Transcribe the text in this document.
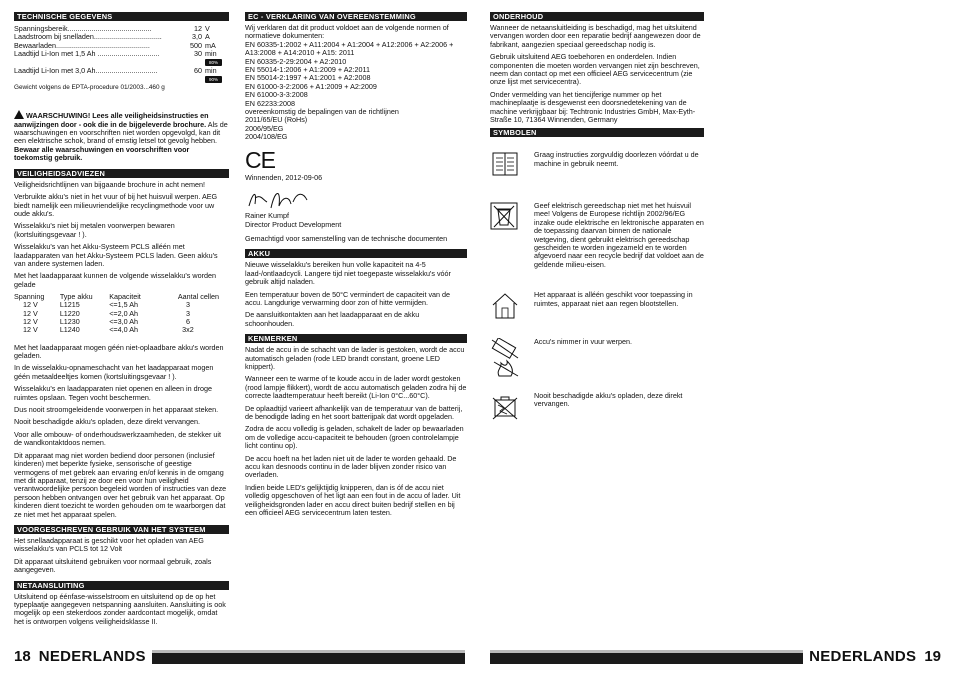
TECHNISCHE GEGEVENS
Spanningsbereik..........................................	12 V
Laadstroom bij snelladen..................................	3,0 A
Bewaarladen...............................................	500 mA
Laadtijd Li-Ion met 1,5 Ah ...............................	30 min 80%
Laadtijd Li-Ion met 3,0 Ah...............................	60 min 90%
Gewicht volgens de EPTA-procedure 01/2003...460 g
WAARSCHUWING! Lees alle veiligheidsinstructies en aanwijzingen door - ook die in de bijgeleverde brochure. Als de waarschuwingen en voorschriften niet worden opgevolgd, kan dit een elektrische schok, brand of ernstig letsel tot gevolg hebben.
Bewaar alle waarschuwingen en voorschriften voor toekomstig gebruik.
VEILIGHEIDSADVIEZEN

Veiligheidsrichtlijnen van bijgaande brochure in acht nemen!

Verbruikte akku's niet in het vuur of bij het huisvuil werpen. AEG biedt namelijk een milieuvriendelijke recyclingmethode voor uw oude akku's.

Wisselakku's niet bij metalen voorwerpen bewaren (kortsluitingsgevaar ! ).

Wisselakku's van het Akku-Systeem PCLS alléén met laadapparaten van het Akku-Systeem PCLS laden. Geen akku's van andere systemen laden.

Met het laadapparaat kunnen de volgende wisselakku's worden gelade

Spanning	Type akku	Kapaciteit	Aantal cellen
12 V	L1215	<=1,5 Ah	3
12 V	L1220	<=2,0 Ah	3
12 V	L1230	<=3,0 Ah	6
12 V	L1240	<=4,0 Ah	3x2

Met het laadapparaat mogen géén niet-oplaadbare akku's worden geladen.

In de wisselakku-opnameschacht van het laadapparaat mogen géén metaaldeeltjes komen (kortsluitingsgevaar ! ).

Wisselakku's en laadapparaten niet openen en alleen in droge ruimtes opslaan. Tegen vocht beschermen.

Dus nooit stroomgeleidende voorwerpen in het apparaat steken.

Nooit beschadigde akku's opladen, deze direkt vervangen.

Voor alle ombouw- of onderhoudswerkzaamheden, de stekker uit de wandkontaktdoos nemen.

Dit apparaat mag niet worden bediend door personen (inclusief kinderen) met beperkte fysieke, sensorische of geestige vermogens of met gebrek aan ervaring en/of kennis in de omgang met dit apparaat, tenzij ze door een voor hun veiligheid verantwoordelijke persoon begeleid worden of instructies van deze persoon hebben ontvangen over het gebruik van het apparaat. Op kinderen dient toezicht te worden gehouden om te waarborgen dat ze niet met het apparaat spelen.

VOORGESCHREVEN GEBRUIK VAN HET SYSTEEM

Het snellaadapparaat is geschikt voor het opladen van AEG wisselakku's van PCLS tot 12 Volt

Dit apparaat uitsluitend gebruiken voor normaal gebruik, zoals aangegeven.

NETAANSLUITING

Uitsluitend op éénfase-wisselstroom en uitsluitend op de op het typeplaatje aangegeven netspanning aansluiten. Aansluiting is ook mogelijk op een stekerdoos zonder aardcontact mogelijk, omdat het is ontworpen volgens veiligheidsklasse II.

EC - VERKLARING VAN OVEREENSTEMMING
Wij verklaren dat dit product voldoet aan de volgende normen of normatieve dokumenten:
EN 60335-1:2002 + A11:2004 + A1:2004 + A12:2006 + A2:2006 + A13:2008 + A14:2010 + A15: 2011
EN 60335-2-29:2004 + A2:2010
EN 55014-1:2006 + A1:2009 + A2:2011
EN 55014-2:1997 + A1:2001 + A2:2008
EN 61000-3-2:2006 + A1:2009 + A2:2009
EN 61000-3-3:2008
EN 62233:2008
overeenkomstig de bepalingen van de richtlijnen
2011/65/EU (RoHs)
2006/95/EG
2004/108/EG
CE
Winnenden, 2012-09-06
Rainer Kumpf
Director Product Development

Gemachtigd voor samenstelling van de technische documenten

AKKU

Nieuwe wisselakku's bereiken hun volle kapaciteit na 4-5 laad-/ontlaadcycli. Langere tijd niet toegepaste wisselakku's vóór gebruik altijd naladen.

Een temperatuur boven de 50°C vermindert de capaciteit van de accu. Langdurige verwarming door zon of hitte vermijden.

De aansluitkontakten aan het laadapparaat en de akku schoonhouden.

KENMERKEN

Nadat de accu in de schacht van de lader is gestoken, wordt de accu automatisch geladen (rode LED brandt constant, groene LED knippert).

Wanneer een te warme of te koude accu in de lader wordt gestoken (rood lampje flikkert), wordt de accu automatisch geladen zodra hij de correcte laadtemperatuur heeft bereikt (Li-Ion 0°C...60°C).

De oplaadtijd varieert afhankelijk van de temperatuur van de batterij, de benodigde lading en het soort batterijpak dat wordt opgeladen.

Zodra de accu volledig is geladen, schakelt de lader op bewaarladen om de volledige accu-capaciteit te behouden (groen controlelampje licht continu op).

De accu hoeft na het laden niet uit de lader te worden gehaald. De accu kan desnoods continu in de lader blijven zonder risico van overladen.

Indien beide LED's gelijktijdig knipperen, dan is óf de accu niet volledig opgeschoven of het ligt aan een fout in de accu of lader. Uit veiligheidsgronden lader en accu direct buiten bedrijf stellen en bij een officieel AEG servicecentrum laten testen.

ONDERHOUD

Wanneer de netaansluitleiding is beschadigd, mag het uitsluitend vervangen worden door een reparatie bedrijf aangewezen door de fabrikant, aangezien speciaal gereedschap nodig is.

Gebruik uitsluitend AEG toebehoren en onderdelen. Indien componenten die moeten worden vervangen niet zijn beschreven, neem dan contact op met een officieel AEG servicecentrum (zie onze lijst met servicecentra).

Onder vermelding van het tienciјferige nummer op het machineplaatje is desgewenst een doorsnedetekening van de machine verkrijgbaar bij: Techtronic Industries GmbH, Max-Eyth-Straße 10, 71364 Winnenden, Germany

SYMBOLEN
Graag instructies zorgvuldig doorlezen vóórdat u de machine in gebruik neemt.
Geef elektrisch gereedschap niet met het huisvuil mee! Volgens de Europese richtlijn 2002/96/EG inzake oude elektrische en lektronische apparaten en de toepassing daarvan binnen de nationale wetgeving, dient gebruikt elektrisch gereedschap gescheiden te worden ingezameld en te worden afgevoerd naar een recycle bedrijf dat voldoet aan de geldende milieu-eisen.
Het apparaat is alléén geschikt voor toepassing in ruimtes, apparaat niet aan regen blootstellen.
Accu's nimmer in vuur werpen.
Nooit beschadigde akku's opladen, deze direkt vervangen.
18 NEDERLANDS	NEDERLANDS 19
